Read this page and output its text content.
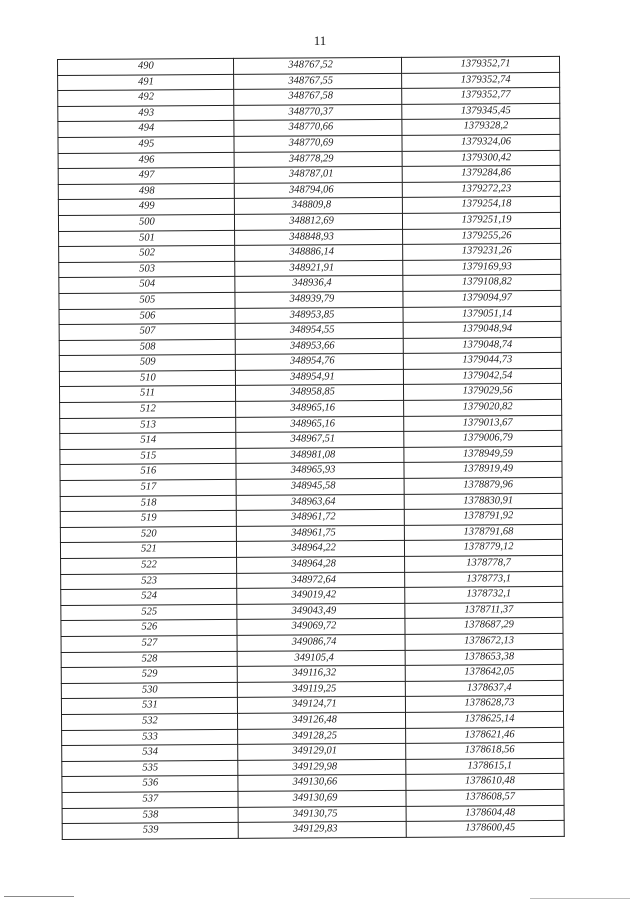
11
490	348767,52	1379352,71
491	348767,55	1379352,74
492	348767,58	1379352,77
493	348770,37	1379345,45
494	348770,66	1379328,2
495	348770,69	1379324,06
496	348778,29	1379300,42
497	348787,01	1379284,86
498	348794,06	1379272,23
499	348809,8	1379254,18
500	348812,69	1379251,19
501	348848,93	1379255,26
502	348886,14	1379231,26
503	348921,91	1379169,93
504	348936,4	1379108,82
505	348939,79	1379094,97
506	348953,85	1379051,14
507	348954,55	1379048,94
508	348953,66	1379048,74
509	348954,76	1379044,73
510	348954,91	1379042,54
511	348958,85	1379029,56
512	348965,16	1379020,82
513	348965,16	1379013,67
514	348967,51	1379006,79
515	348981,08	1378949,59
516	348965,93	1378919,49
517	348945,58	1378879,96
518	348963,64	1378830,91
519	348961,72	1378791,92
520	348961,75	1378791,68
521	348964,22	1378779,12
522	348964,28	1378778,7
523	348972,64	1378773,1
524	349019,42	1378732,1
525	349043,49	1378711,37
526	349069,72	1378687,29
527	349086,74	1378672,13
528	349105,4	1378653,38
529	349116,32	1378642,05
530	349119,25	1378637,4
531	349124,71	1378628,73
532	349126,48	1378625,14
533	349128,25	1378621,46
534	349129,01	1378618,56
535	349129,98	1378615,1
536	349130,66	1378610,48
537	349130,69	1378608,57
538	349130,75	1378604,48
539	349129,83	1378600,45
